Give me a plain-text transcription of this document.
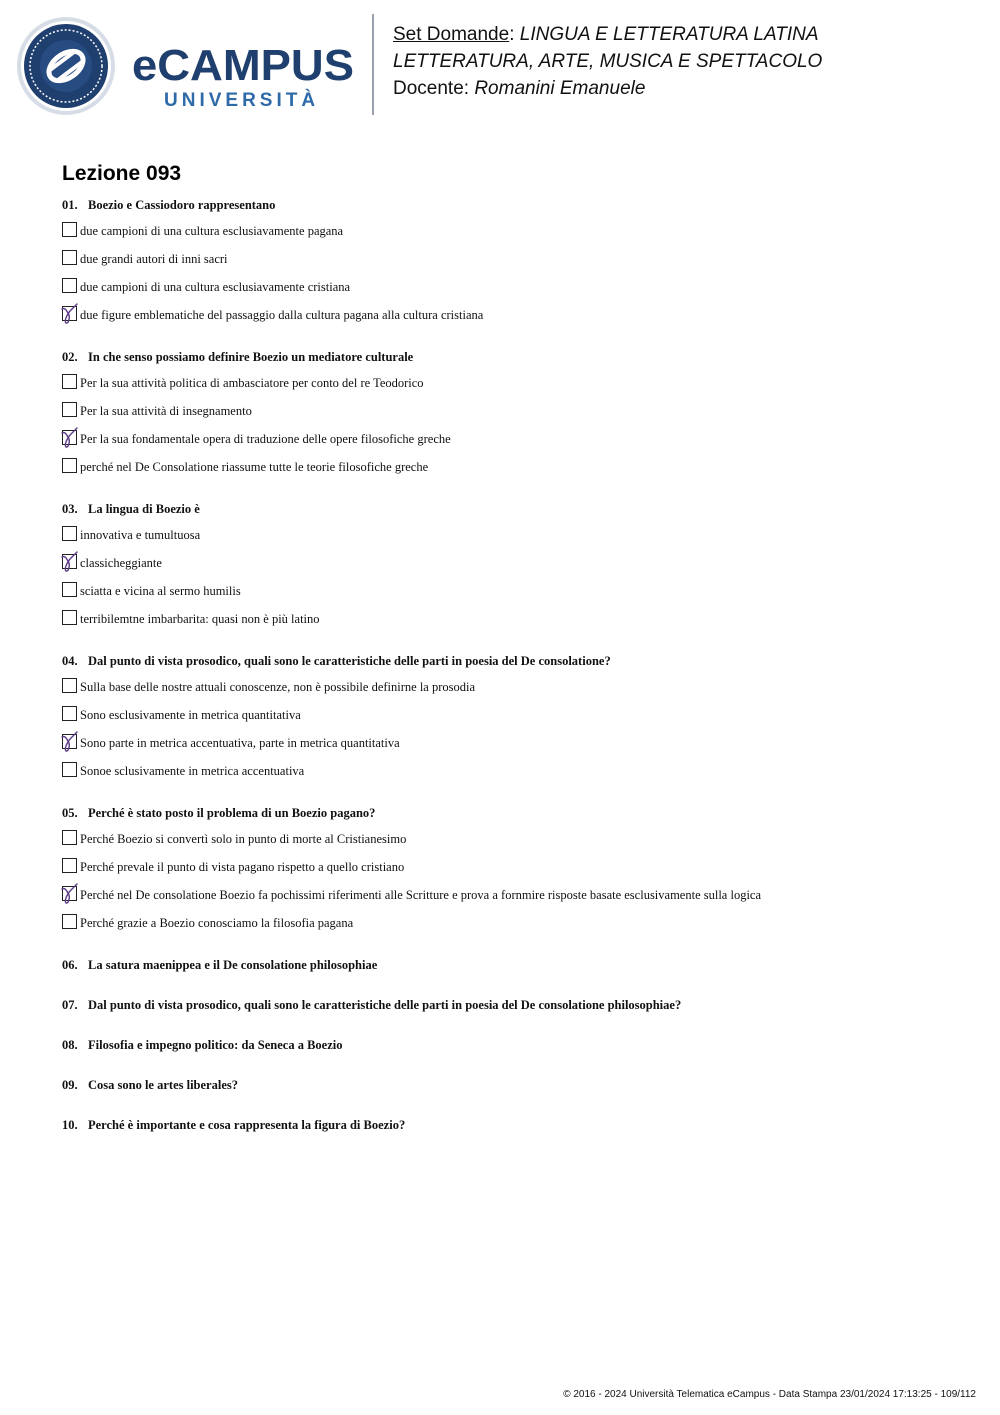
eCAMPUS
UNIVERSITÀ
Set Domande: LINGUA E LETTERATURA LATINA
LETTERATURA, ARTE, MUSICA E SPETTACOLO
Docente: Romanini Emanuele
Lezione 093
01. Boezio e Cassiodoro rappresentano
due campioni di una cultura esclusiavamente pagana
due grandi autori di inni sacri
due campioni di una cultura esclusiavamente cristiana
due figure emblematiche del passaggio dalla cultura pagana alla cultura cristiana
02. In che senso possiamo definire Boezio un mediatore culturale
Per la sua attività politica di ambasciatore per conto del re Teodorico
Per la sua attività di insegnamento
Per la sua fondamentale opera di traduzione delle opere filosofiche greche
perché nel De Consolatione riassume tutte le teorie filosofiche greche
03. La lingua di Boezio è
innovativa e tumultuosa
classicheggiante
sciatta e vicina al sermo humilis
terribilemtne imbarbarita: quasi non è più latino
04. Dal punto di vista prosodico, quali sono le caratteristiche delle parti in poesia del De consolatione?
Sulla base delle nostre attuali conoscenze, non è possibile definirne la prosodia
Sono esclusivamente in metrica quantitativa
Sono parte in metrica accentuativa, parte in metrica quantitativa
Sonoe sclusivamente in metrica accentuativa
05. Perché è stato posto il problema di un Boezio pagano?
Perché Boezio si convertì solo in punto di morte al Cristianesimo
Perché prevale il punto di vista pagano rispetto a quello cristiano
Perché nel De consolatione Boezio fa pochissimi riferimenti alle Scritture e prova a fornmire risposte basate esclusivamente sulla logica
Perché grazie a Boezio conosciamo la filosofia pagana
06. La satura maenippea e il De consolatione philosophiae
07. Dal punto di vista prosodico, quali sono le caratteristiche delle parti in poesia del De consolatione philosophiae?
08. Filosofia e impegno politico: da Seneca a Boezio
09. Cosa sono le artes liberales?
10. Perché è importante e cosa rappresenta la figura di Boezio?
© 2016 - 2024 Università Telematica eCampus - Data Stampa 23/01/2024 17:13:25 - 109/112
